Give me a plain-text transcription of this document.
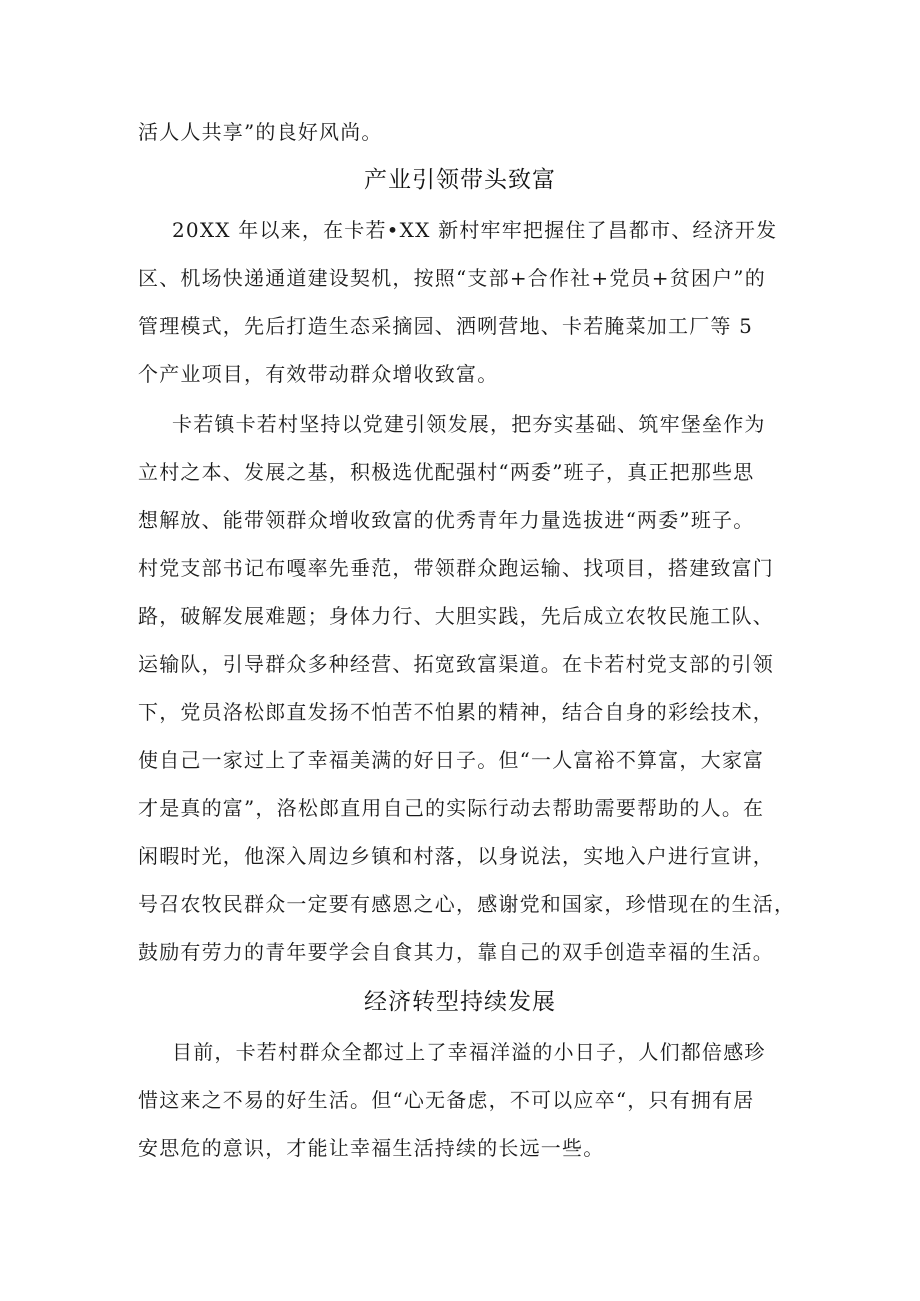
活人人共享”的良好风尚。
产业引领带头致富
20XX 年以来，在卡若•XX 新村牢牢把握住了昌都市、经济开发
区、机场快递通道建设契机，按照“支部+合作社+党员+贫困户”的
管理模式，先后打造生态采摘园、洒咧营地、卡若腌菜加工厂等 5
个产业项目，有效带动群众增收致富。
卡若镇卡若村坚持以党建引领发展，把夯实基础、筑牢堡垒作为
立村之本、发展之基，积极选优配强村“两委”班子，真正把那些思
想解放、能带领群众增收致富的优秀青年力量选拔进“两委”班子。
村党支部书记布嘎率先垂范，带领群众跑运输、找项目，搭建致富门
路，破解发展难题；身体力行、大胆实践，先后成立农牧民施工队、
运输队，引导群众多种经营、拓宽致富渠道。在卡若村党支部的引领
下，党员洛松郎直发扬不怕苦不怕累的精神，结合自身的彩绘技术，
使自己一家过上了幸福美满的好日子。但“一人富裕不算富，大家富
才是真的富”，洛松郎直用自己的实际行动去帮助需要帮助的人。在
闲暇时光，他深入周边乡镇和村落，以身说法，实地入户进行宣讲，
号召农牧民群众一定要有感恩之心，感谢党和国家，珍惜现在的生活，
鼓励有劳力的青年要学会自食其力，靠自己的双手创造幸福的生活。
经济转型持续发展
目前，卡若村群众全都过上了幸福洋溢的小日子，人们都倍感珍
惜这来之不易的好生活。但“心无备虑，不可以应卒“，只有拥有居
安思危的意识，才能让幸福生活持续的长远一些。
